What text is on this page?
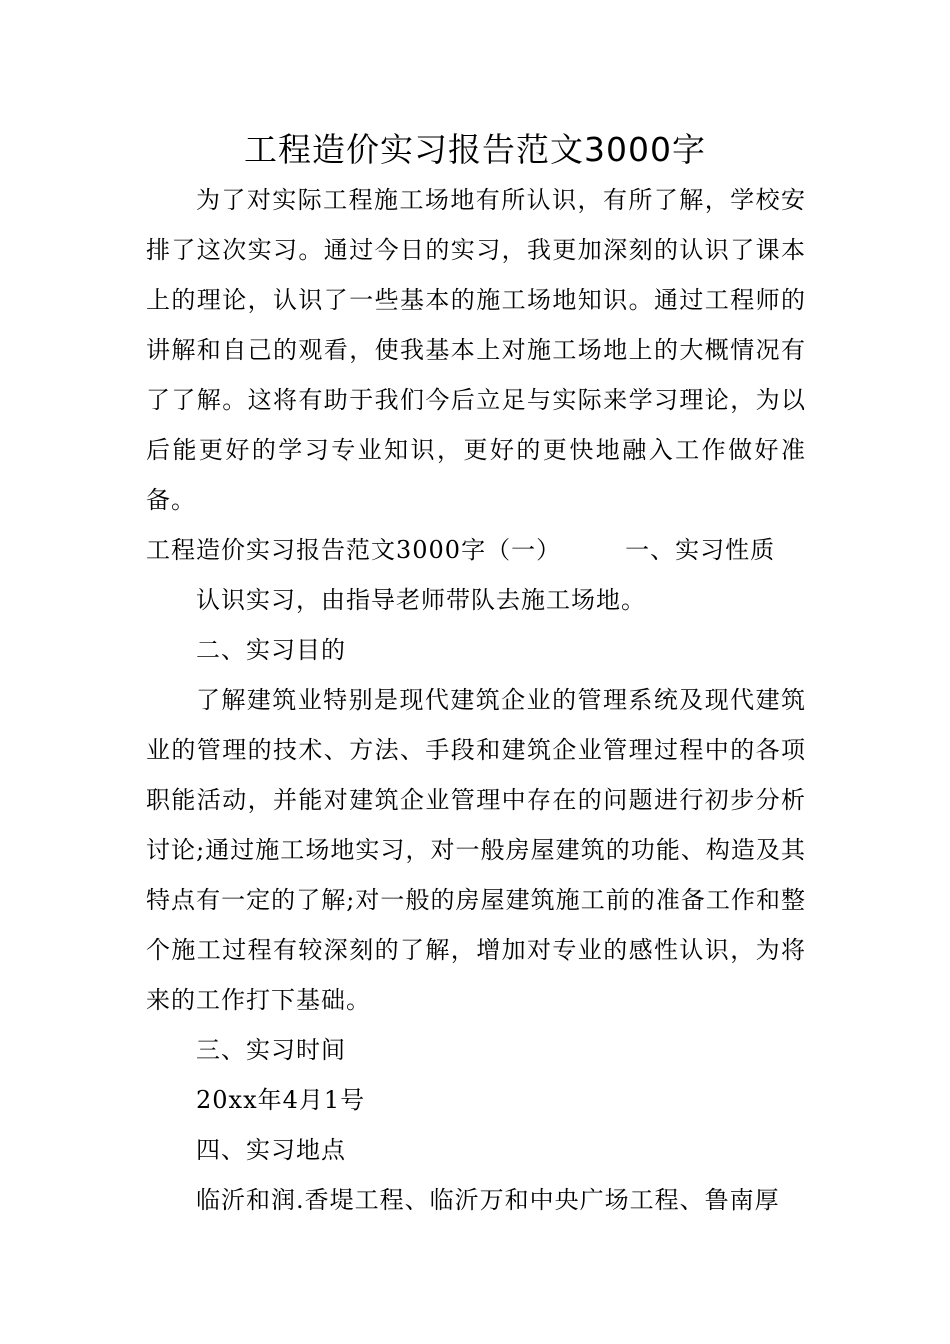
工程造价实习报告范文3000字

为了对实际工程施工场地有所认识，有所了解，学校安排了这次实习。通过今日的实习，我更加深刻的认识了课本上的理论，认识了一些基本的施工场地知识。通过工程师的讲解和自己的观看，使我基本上对施工场地上的大概情况有了了解。这将有助于我们今后立足与实际来学习理论，为以后能更好的学习专业知识，更好的更快地融入工作做好准备。

工程造价实习报告范文3000字（一）	一、实习性质

认识实习，由指导老师带队去施工场地。

二、实习目的

了解建筑业特别是现代建筑企业的管理系统及现代建筑业的管理的技术、方法、手段和建筑企业管理过程中的各项职能活动，并能对建筑企业管理中存在的问题进行初步分析讨论;通过施工场地实习，对一般房屋建筑的功能、构造及其特点有一定的了解;对一般的房屋建筑施工前的准备工作和整个施工过程有较深刻的了解，增加对专业的感性认识，为将来的工作打下基础。

三、实习时间

20xx年4月1号

四、实习地点

临沂和润.香堤工程、临沂万和中央广场工程、鲁南厚
